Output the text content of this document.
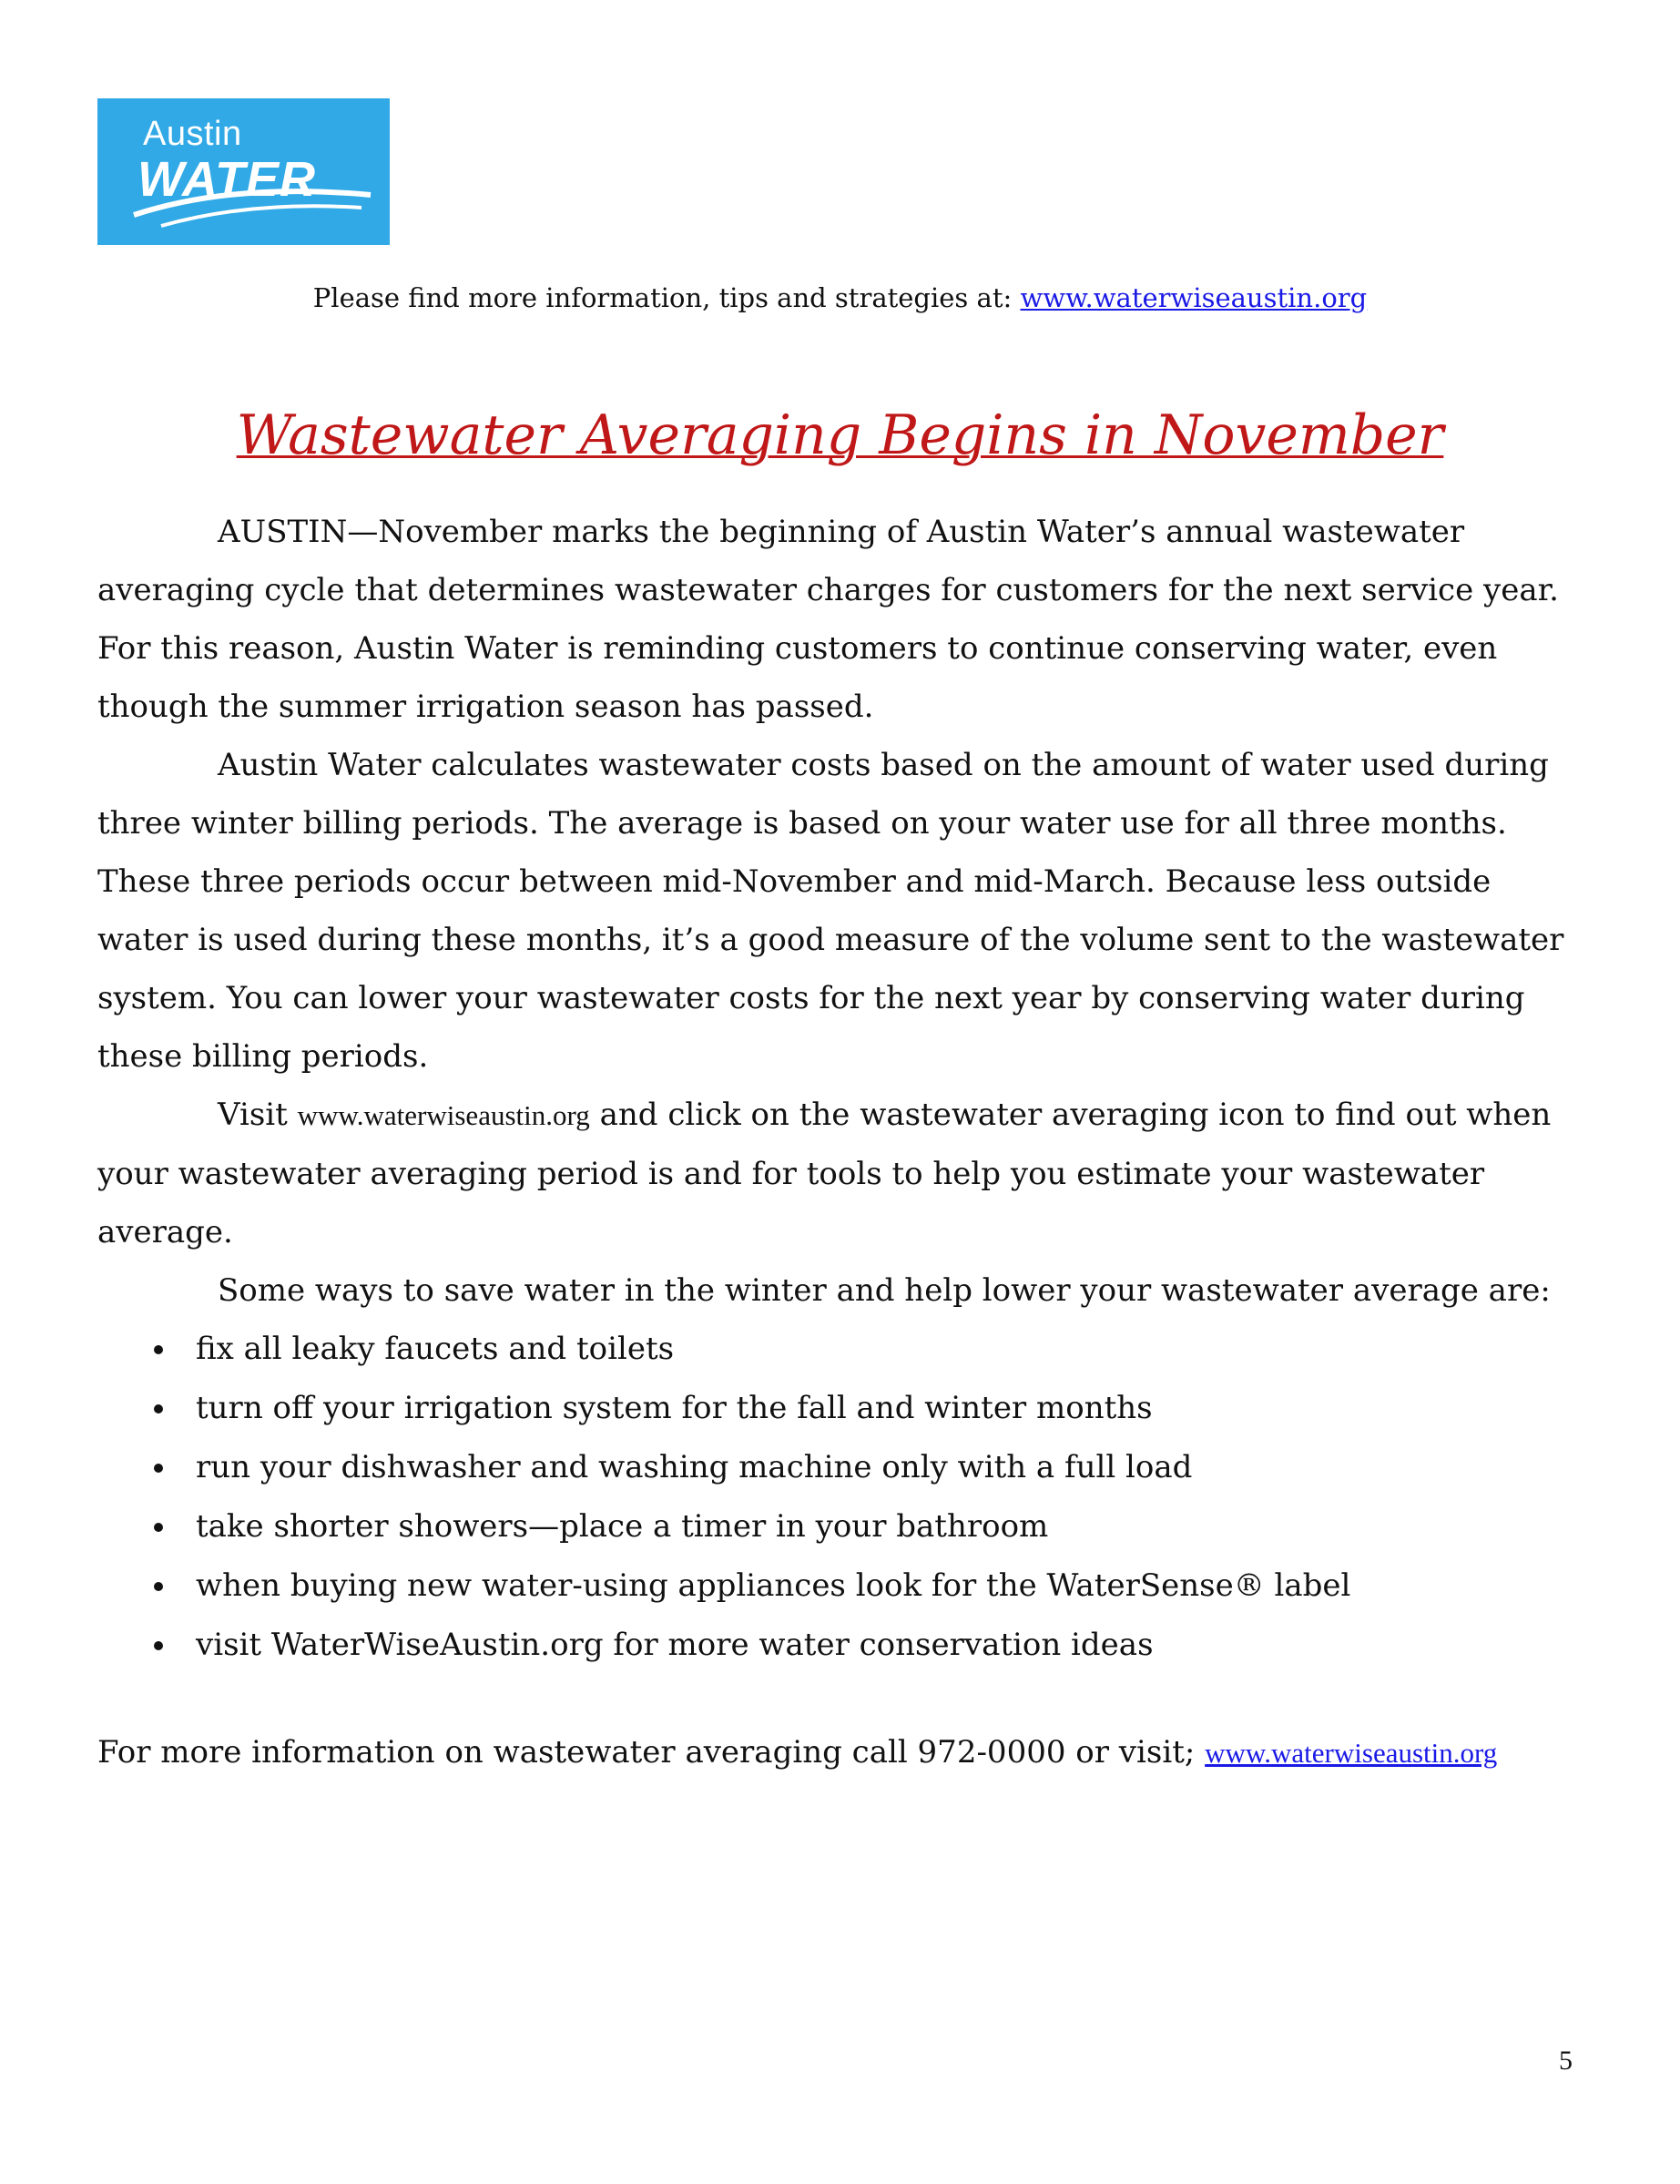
Austin
WATER
Please find more information, tips and strategies at: www.waterwiseaustin.org
Wastewater Averaging Begins in November

AUSTIN—November marks the beginning of Austin Water’s annual wastewater averaging cycle that determines wastewater charges for customers for the next service year. For this reason, Austin Water is reminding customers to continue conserving water, even though the summer irrigation season has passed.

Austin Water calculates wastewater costs based on the amount of water used during three winter billing periods. The average is based on your water use for all three months. These three periods occur between mid-November and mid-March. Because less outside water is used during these months, it’s a good measure of the volume sent to the wastewater system. You can lower your wastewater costs for the next year by conserving water during these billing periods.

Visit www.waterwiseaustin.org and click on the wastewater averaging icon to find out when your wastewater averaging period is and for tools to help you estimate your wastewater average.

Some ways to save water in the winter and help lower your wastewater average are:

fix all leaky faucets and toilets
turn off your irrigation system for the fall and winter months
run your dishwasher and washing machine only with a full load
take shorter showers—place a timer in your bathroom
when buying new water-using appliances look for the WaterSense® label
visit WaterWiseAustin.org for more water conservation ideas
For more information on wastewater averaging call 972-0000 or visit; www.waterwiseaustin.org
5
